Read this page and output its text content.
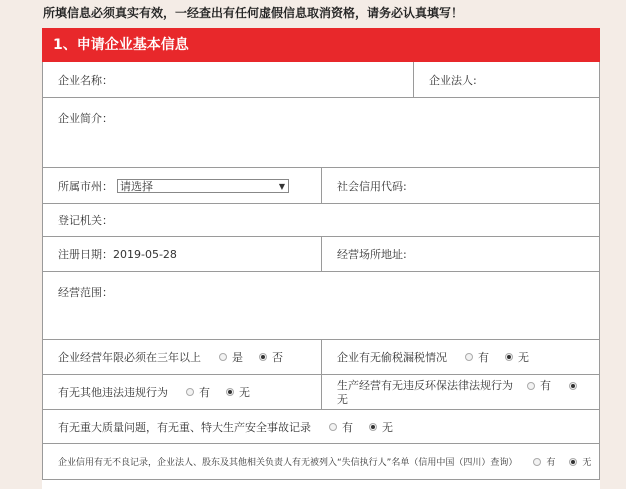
所填信息必须真实有效，一经查出有任何虚假信息取消资格，请务必认真填写！
1、申请企业基本信息
企业名称：	企业法人:
企业简介：
所属市州： 请选择	▼	社会信用代码:
登记机关：
注册日期： 2019-05-28	经营场所地址:
经营范围：
企业经营年限必须在三年以上	是	否	企业有无偷税漏税情况	有	无
有无其他违法违规行为	有	无
生产经营有无违反环保法律法规行为 有
无
有无重大质量问题，有无重、特大生产安全事故记录	有	无
企业信用有无不良记录，企业法人、股东及其他相关负责人有无被列入“失信执行人”名单（信用中国（四川）查询）	有	无
